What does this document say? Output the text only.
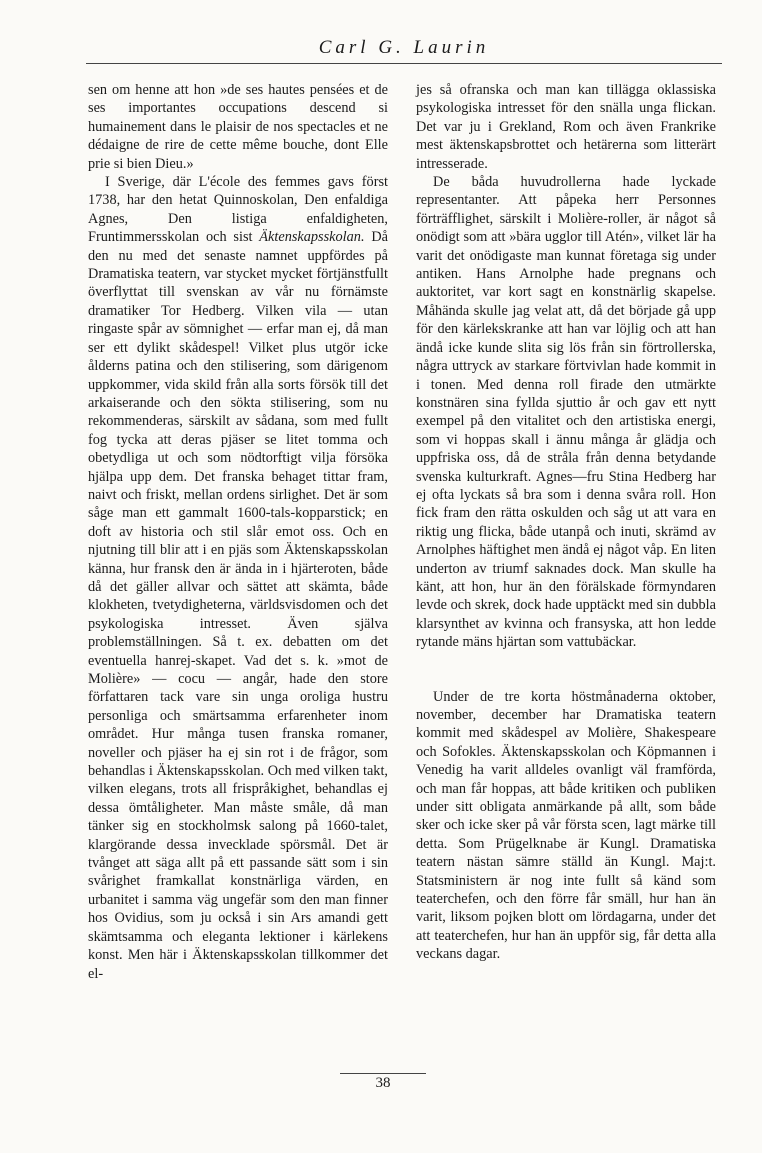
Carl G. Laurin

sen om henne att hon »de ses hautes pensées et de ses importantes occupations descend si humainement dans le plaisir de nos spectacles et ne dédaigne de rire de cette même bouche, dont Elle prie si bien Dieu.»

I Sverige, där L'école des femmes gavs först 1738, har den hetat Quinnoskolan, Den enfaldiga Agnes, Den listiga enfaldigheten, Fruntimmersskolan och sist Äktenskapsskolan. Då den nu med det senaste namnet uppfördes på Dramatiska teatern, var stycket mycket förtjänstfullt överflyttat till svenskan av vår nu förnämste dramatiker Tor Hedberg. Vilken vila — utan ringaste spår av sömnighet — erfar man ej, då man ser ett dylikt skådespel! Vilket plus utgör icke ålderns patina och den stilisering, som därigenom uppkommer, vida skild från alla sorts försök till det arkaiserande och den sökta stilisering, som nu rekommenderas, särskilt av sådana, som med fullt fog tycka att deras pjäser se litet tomma och obetydliga ut och som nödtorftigt vilja försöka hjälpa upp dem. Det franska behaget tittar fram, naivt och friskt, mellan ordens sirlighet. Det är som såge man ett gammalt 1600-tals-kopparstick; en doft av historia och stil slår emot oss. Och en njutning till blir att i en pjäs som Äktenskapsskolan känna, hur fransk den är ända in i hjärteroten, både då det gäller allvar och sättet att skämta, både klokheten, tvetydigheterna, världsvisdomen och det psykologiska intresset. Även själva problemställningen. Så t. ex. debatten om det eventuella hanrej-skapet. Vad det s. k. »mot de Molière» — cocu — angår, hade den store författaren tack vare sin unga oroliga hustru personliga och smärtsamma erfarenheter inom området. Hur många tusen franska romaner, noveller och pjäser ha ej sin rot i de frågor, som behandlas i Äktenskapsskolan. Och med vilken takt, vilken elegans, trots all frispråkighet, behandlas ej dessa ömtåligheter. Man måste småle, då man tänker sig en stockholmsk salong på 1660-talet, klargörande dessa invecklade spörsmål. Det är tvånget att säga allt på ett passande sätt som i sin svårighet framkallat konstnärliga värden, en urbanitet i samma väg ungefär som den man finner hos Ovidius, som ju också i sin Ars amandi gett skämtsamma och eleganta lektioner i kärlekens konst. Men här i Äktenskapsskolan tillkommer det el-

jes så ofranska och man kan tillägga oklassiska psykologiska intresset för den snälla unga flickan. Det var ju i Grekland, Rom och även Frankrike mest äktenskapsbrottet och hetärerna som litterärt intresserade.

De båda huvudrollerna hade lyckade representanter. Att påpeka herr Personnes förträfflighet, särskilt i Molière-roller, är något så onödigt som att »bära ugglor till Atén», vilket lär ha varit det onödigaste man kunnat företaga sig under antiken. Hans Arnolphe hade pregnans och auktoritet, var kort sagt en konstnärlig skapelse. Måhända skulle jag velat att, då det började gå upp för den kärlekskranke att han var löjlig och att han ändå icke kunde slita sig lös från sin förtrollerska, några uttryck av starkare förtvivlan hade kommit in i tonen. Med denna roll firade den utmärkte konstnären sina fyllda sjuttio år och gav ett nytt exempel på den vitalitet och den artistiska energi, som vi hoppas skall i ännu många år glädja och uppfriska oss, då de stråla från denna betydande svenska kulturkraft. Agnes—fru Stina Hedberg har ej ofta lyckats så bra som i denna svåra roll. Hon fick fram den rätta oskulden och såg ut att vara en riktig ung flicka, både utanpå och inuti, skrämd av Arnolphes häftighet men ändå ej något våp. En liten underton av triumf saknades dock. Man skulle ha känt, att hon, hur än den förälskade förmyndaren levde och skrek, dock hade upptäckt med sin dubbla klarsynthet av kvinna och fransyska, att hon ledde rytande mäns hjärtan som vattubäckar.

Under de tre korta höstmånaderna oktober, november, december har Dramatiska teatern kommit med skådespel av Molière, Shakespeare och Sofokles. Äktenskapsskolan och Köpmannen i Venedig ha varit alldeles ovanligt väl framförda, och man får hoppas, att både kritiken och publiken under sitt obligata anmärkande på allt, som både sker och icke sker på vår första scen, lagt märke till detta. Som Prügelknabe är Kungl. Dramatiska teatern nästan sämre ställd än Kungl. Maj:t. Statsministern är nog inte fullt så känd som teaterchefen, och den förre får smäll, hur han än varit, liksom pojken blott om lördagarna, under det att teaterchefen, hur han än uppför sig, får detta alla veckans dagar.

38
